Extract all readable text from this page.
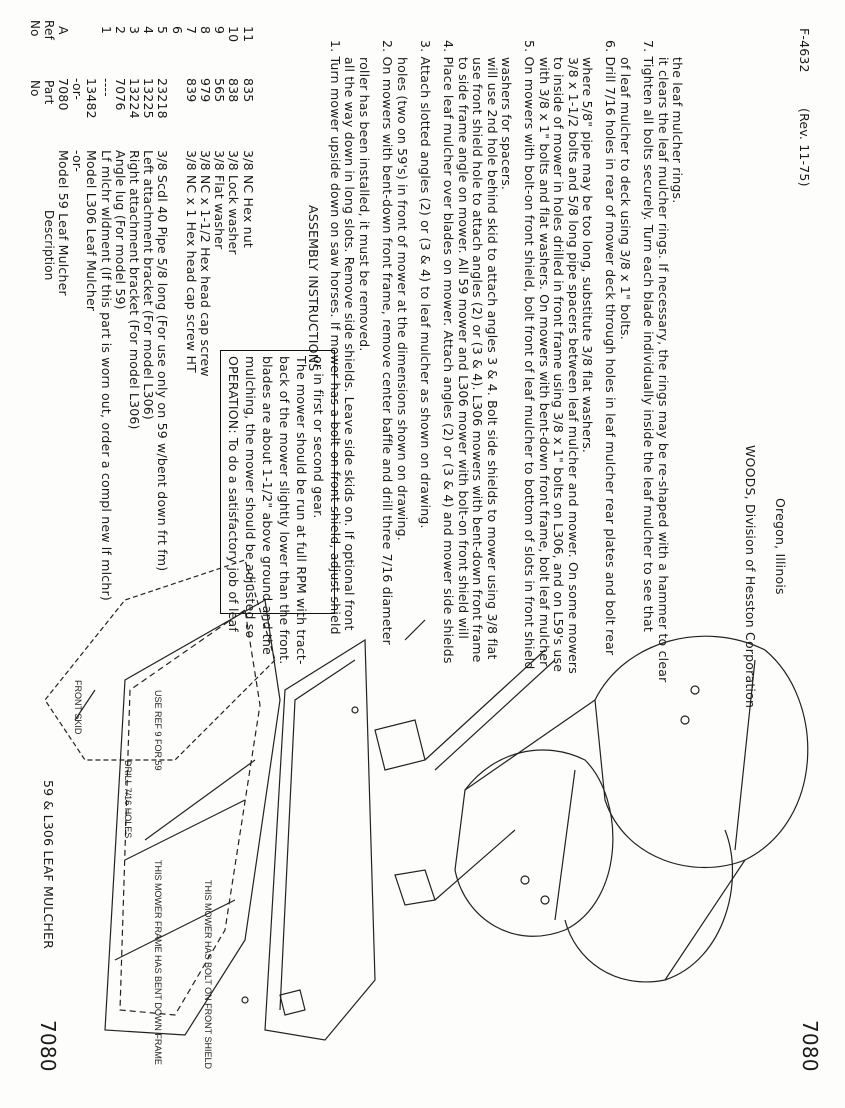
No Ref
Part
No
Description
59 & L306 LEAF MULCHER
7080
A
7080
Model 59 Leaf Mulcher
-or-
-or-
13482
Model L306 Leaf Mulcher
1
----
Lf mlchr wldment (If this part is worn out, order a compl new lf mlchr)
2
7076
Angle lug (For model 59)
3
13224
Right attachment bracket (For model L306)
4
13225
Left attachment bracket (For model L306)
5
23218
3/8 Scdl 40 Pipe 5/8 long (For use only on 59 w/bent down frt fm)
6 7
839
3/8 NC x 1 Hex head cap screw HT
8
979
3/8 NC x 1-1/2 Hex head cap screw
9
565
3/8 Flat washer
10
838
3/8 Lock washer
11
835
3/8 NC Hex nut
ASSEMBLY INSTRUCTIONS 1. Turn mower upside down on saw horses. If mower has a bolt-on front shield, adjust shield all the way down in long slots. Remove side shields. Leave side skids on. If optional front roller has been installed, it must be removed. 2. On mowers with bent-down front frame, remove center baffle and drill three 7/16 diameter holes (two on 59's) in front of mower at the dimensions shown on drawing. 3. Attach slotted angles (2) or (3 & 4) to leaf mulcher as shown on drawing. 4. Place leaf mulcher over blades on mower. Attach angles (2) or (3 & 4) and mower side shields to side frame angle on mower. All 59 mower and L306 mower with bolt-on front shield will use front shield hole to attach angles (2) or (3 & 4). L306 mowers with bent-down front frame will use 2nd hole behind skid to attach angles 3 & 4. Bolt side shields to mower using 3/8 flat washers for spacers. 5. On mowers with bolt-on front shield, bolt front of leaf mulcher to bottom of slots in front shield with 3/8 x 1" bolts and flat washers. On mowers with bent-down front frame, bolt leaf mulcher to inside of mower in holes drilled in front frame using 3/8 x 1" bolts on L306, and on L59's use 3/8 x 1-1/2 bolts and 5/8 long pipe spacers between leaf mulcher and mower. On some mowers where 5/8" pipe may be too long, substitute 3/8 flat washers. 6. Drill 7/16 holes in rear of mower deck through holes in leaf mulcher rear plates and bolt rear of leaf mulcher to deck using 3/8 x 1" bolts. 7. Tighten all bolts securely. Turn each blade individually inside the leaf mulcher to see that it clears the leaf mulcher rings. If necessary, the rings may be re-shaped with a hammer to clear the leaf mulcher rings.
OPERATION: To do a satisfactory job of leaf mulching, the mower should be adjusted so blades are about 1-1/2" above ground and the back of the mower slightly lower than the front. The mower should be run at full RPM with tract- or in first or second gear.
F-4632
(Rev. 11-75)
WOODS, Division of Hesston Corporation Oregon, Illinois
THIS MOWER FRAME HAS BENT DOWN FRAME	THIS MOWER HAS BOLT ON FRONT SHIELD
DRILL 7/16 HOLES
USE REF 9 FOR 59
FRONT SKID
7080
